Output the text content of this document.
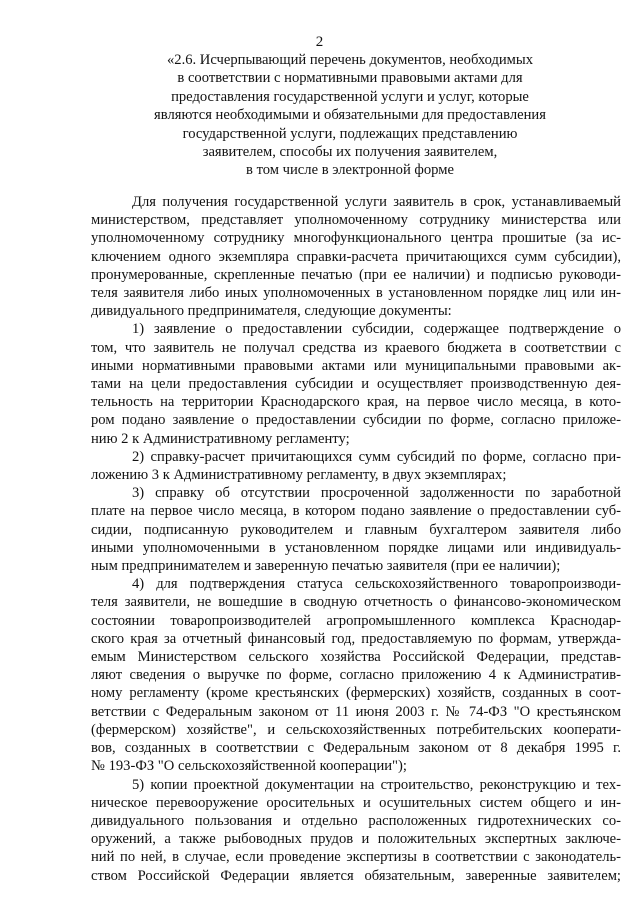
2
«2.6. Исчерпывающий перечень документов, необходимых
в соответствии с нормативными правовыми актами для
предоставления государственной услуги и услуг, которые
являются необходимыми и обязательными для предоставления
государственной услуги, подлежащих представлению
заявителем, способы их получения заявителем,
в том числе в электронной форме
Для получения государственной услуги заявитель в срок, устанавливаемый
министерством, представляет уполномоченному сотруднику министерства или
уполномоченному сотруднику многофункционального центра прошитые (за ис-
ключением одного экземпляра справки-расчета причитающихся сумм субсидии),
пронумерованные, скрепленные печатью (при ее наличии) и подписью руководи-
теля заявителя либо иных уполномоченных в установленном порядке лиц или ин-
дивидуального предпринимателя, следующие документы:
1) заявление о предоставлении субсидии, содержащее подтверждение о
том, что заявитель не получал средства из краевого бюджета в соответствии с
иными нормативными правовыми актами или муниципальными правовыми ак-
тами на цели предоставления субсидии и осуществляет производственную дея-
тельность на территории Краснодарского края, на первое число месяца, в кото-
ром подано заявление о предоставлении субсидии по форме, согласно приложе-
нию 2 к Административному регламенту;
2) справку-расчет причитающихся сумм субсидий по форме, согласно при-
ложению 3 к Административному регламенту, в двух экземплярах;
3) справку об отсутствии просроченной задолженности по заработной
плате на первое число месяца, в котором подано заявление о предоставлении суб-
сидии, подписанную руководителем и главным бухгалтером заявителя либо
иными уполномоченными в установленном порядке лицами или индивидуаль-
ным предпринимателем и заверенную печатью заявителя (при ее наличии);
4) для подтверждения статуса сельскохозяйственного товаропроизводи-
теля заявители, не вошедшие в сводную отчетность о финансово-экономическом
состоянии товаропроизводителей агропромышленного комплекса Краснодар-
ского края за отчетный финансовый год, предоставляемую по формам, утвержда-
емым Министерством сельского хозяйства Российской Федерации, представ-
ляют сведения о выручке по форме, согласно приложению 4 к Административ-
ному регламенту (кроме крестьянских (фермерских) хозяйств, созданных в соот-
ветствии с Федеральным законом от 11 июня 2003 г. № 74-ФЗ "О крестьянском
(фермерском) хозяйстве", и сельскохозяйственных потребительских кооперати-
вов, созданных в соответствии с Федеральным законом от 8 декабря 1995 г.
№ 193-ФЗ "О сельскохозяйственной кооперации");
5) копии проектной документации на строительство, реконструкцию и тех-
ническое перевооружение оросительных и осушительных систем общего и ин-
дивидуального пользования и отдельно расположенных гидротехнических со-
оружений, а также рыбоводных прудов и положительных экспертных заключе-
ний по ней, в случае, если проведение экспертизы в соответствии с законодатель-
ством Российской Федерации является обязательным, заверенные заявителем;
